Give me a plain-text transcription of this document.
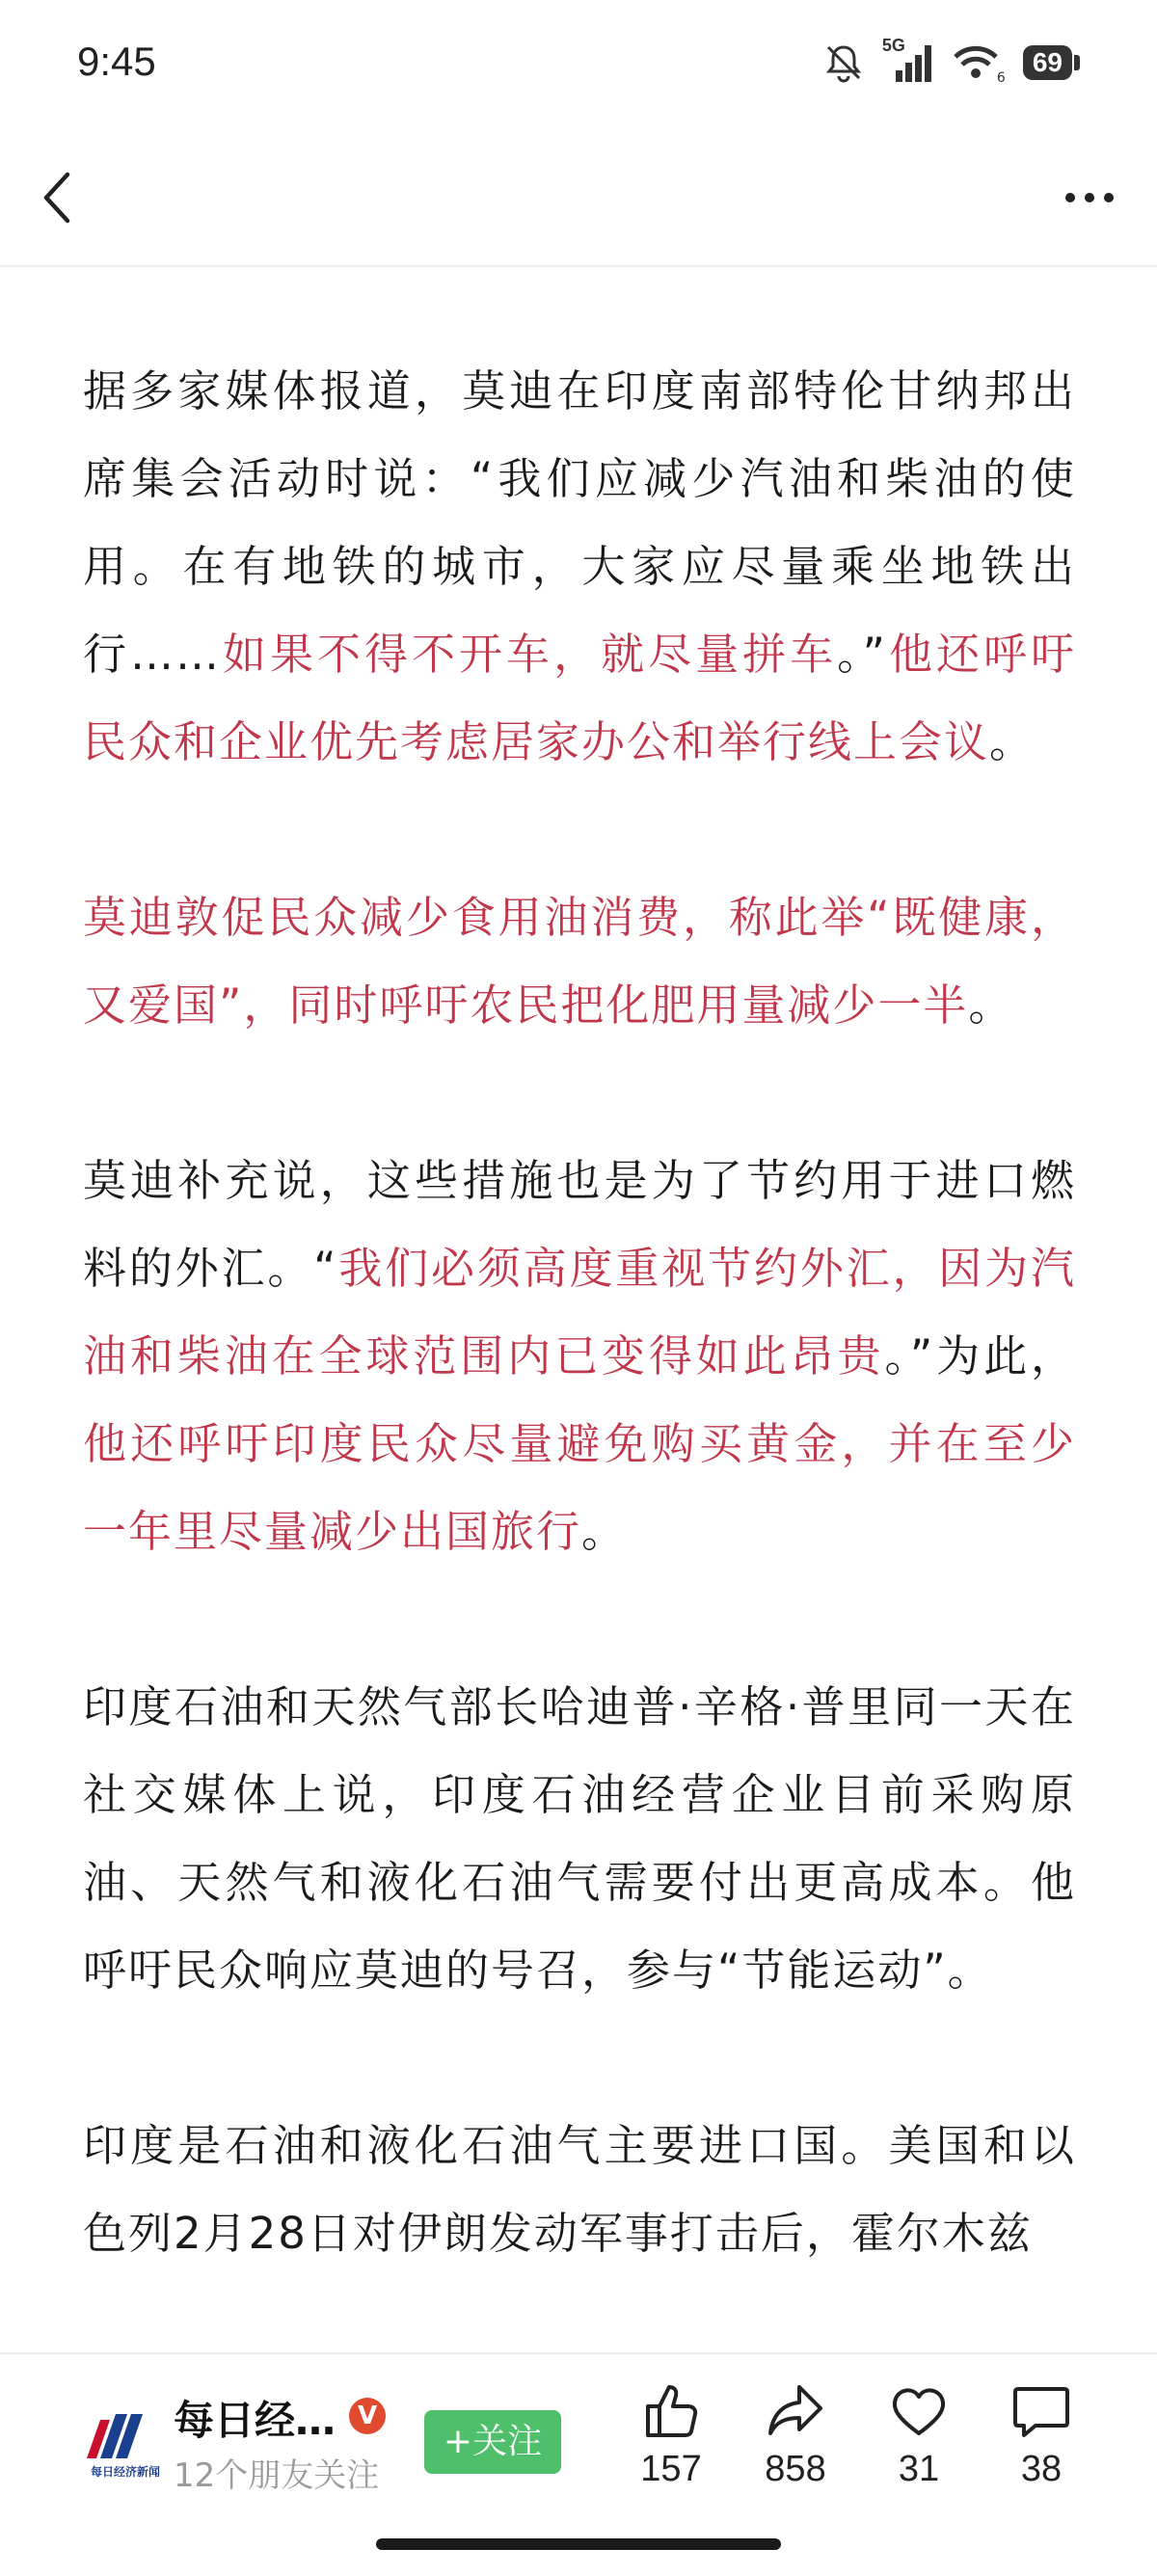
9:45	5G
6
69

据多家媒体报道，莫迪在印度南部特伦甘纳邦出席集会活动时说：“我们应减少汽油和柴油的使用。在有地铁的城市，大家应尽量乘坐地铁出行……如果不得不开车，就尽量拼车。”他还呼吁民众和企业优先考虑居家办公和举行线上会议。

莫迪敦促民众减少食用油消费，称此举“既健康，又爱国”，同时呼吁农民把化肥用量减少一半。

莫迪补充说，这些措施也是为了节约用于进口燃料的外汇。“我们必须高度重视节约外汇，因为汽油和柴油在全球范围内已变得如此昂贵。”为此，他还呼吁印度民众尽量避免购买黄金，并在至少一年里尽量减少出国旅行。

印度石油和天然气部长哈迪普·辛格·普里同一天在社交媒体上说，印度石油经营企业目前采购原油、天然气和液化石油气需要付出更高成本。他呼吁民众响应莫迪的号召，参与“节能运动”。

印度是石油和液化石油气主要进口国。美国和以色列2月28日对伊朗发动军事打击后，霍尔木兹

每日经济新闻
每日经… V
12个朋友关注
+关注
157	858	31	38
